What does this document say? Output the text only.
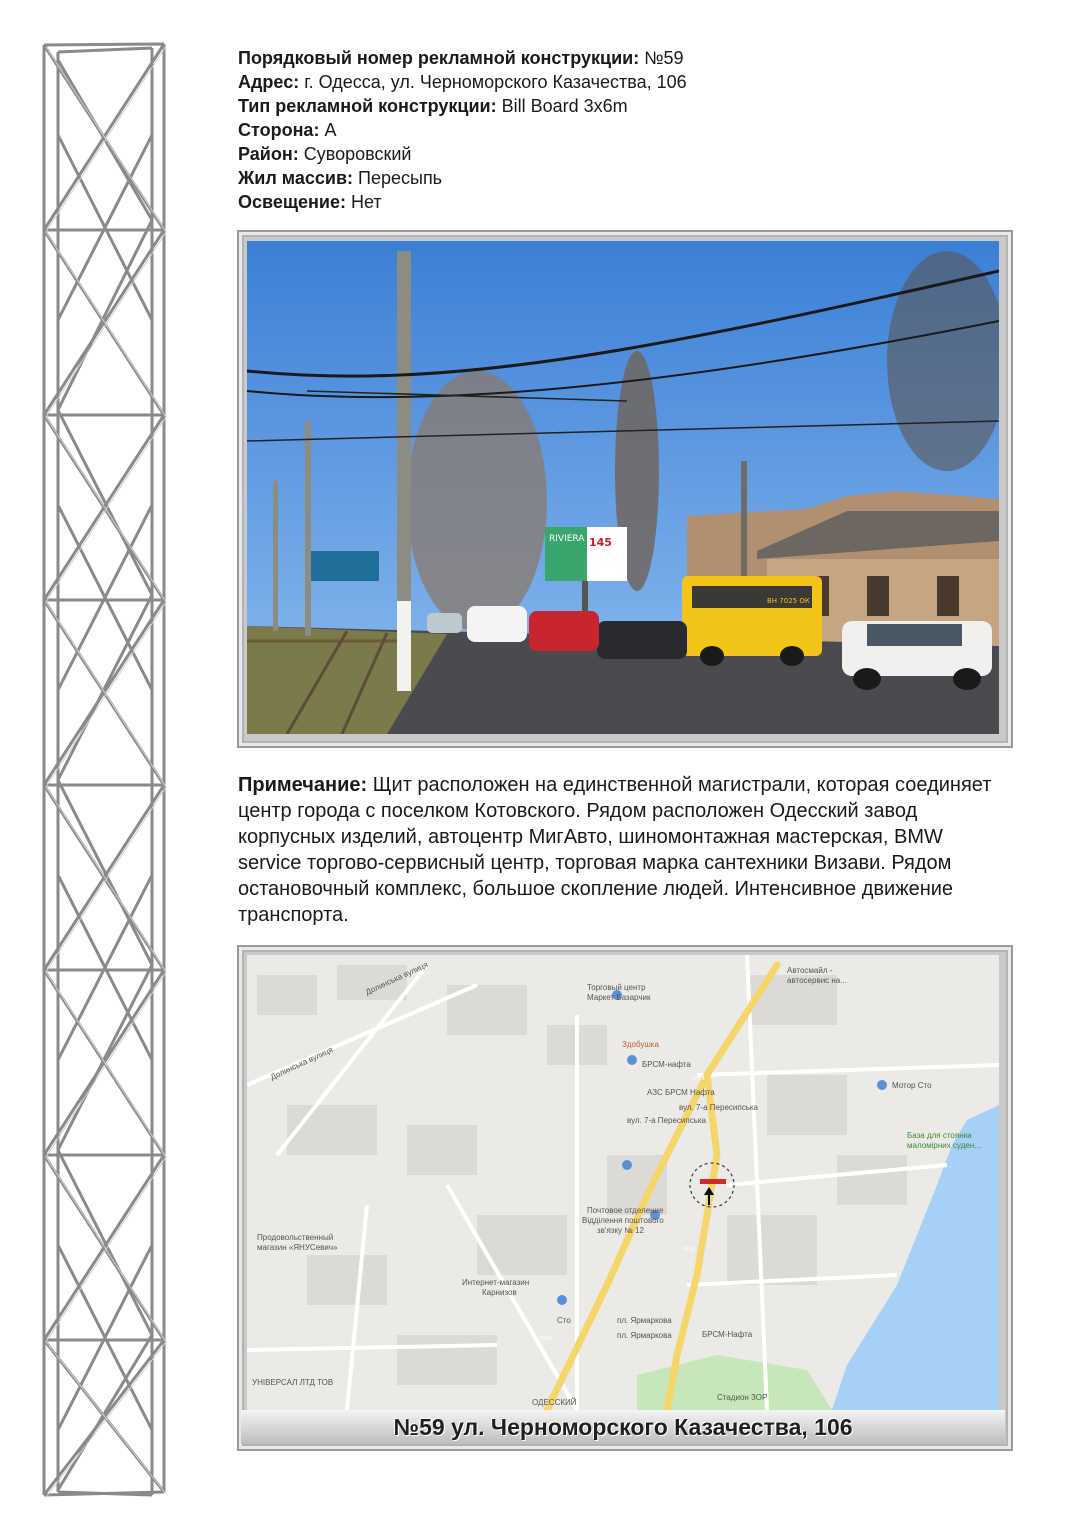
Порядковый номер рекламной конструкции: №59
Адрес: г. Одесса, ул. Черноморского Казачества, 106
Тип рекламной конструкции: Bill Board 3x6m
Сторона: А
Район: Суворовский
Жил массив: Пересыпь
Освещение: Нет
RIVIERA 145
ВН 7025 ОК
Примечание: Щит расположен на единственной магистрали, которая соединяет центр города с поселком Котовского. Рядом расположен Одесский завод корпусных изделий, автоцентр МигАвто, шиномонтажная мастерская, BMW service торгово-сервисный центр, торговая марка сантехники Визави. Рядом остановочный комплекс, большое скопление людей. Интенсивное движение транспорта.
Автосмайл -
автосервис на...
Торговый центр
Маркет Базарчик
Здобушка
БРСМ-нафта
АЗС БРСМ Нафта
вул. 7-а Пересипська
вул. 7-а Пересипська
Мотор Сто
База для стоянки
маломірних суден...
Долинська вулиця
Долинська вулиця
Почтовое отделение
Відділення поштового
зв'язку № 12
Продовольственный
магазин «ЯНУСевич»
Интернет-магазин
Карнизов
Сто	пл. Ярмаркова
пл. Ярмаркова	БРСМ-Нафта
УНІВЕРСАЛ ЛТД ТОВ
Стадион ЗОР
ОДЕССКИЙ
M14
M14
M14
№59 ул. Черноморского Казачества, 106
